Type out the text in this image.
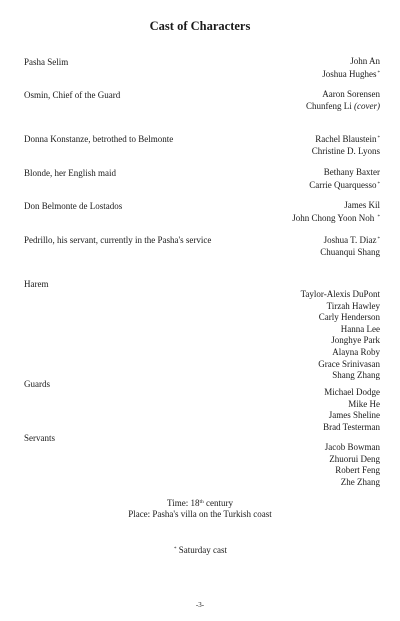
Cast of Characters
Pasha Selim	John An
Joshua Hughes*
Osmin, Chief of the Guard	Aaron Sorensen
Chunfeng Li (cover)
Donna Konstanze, betrothed to Belmonte	Rachel Blaustein*
Christine D. Lyons
Blonde, her English maid	Bethany Baxter
Carrie Quarquesso*
Don Belmonte de Lostados	James Kil
John Chong Yoon Noh *
Pedrillo, his servant, currently in the Pasha's service	Joshua T. Diaz*
Chuanqui Shang
Harem
Taylor-Alexis DuPont
Tirzah Hawley
Carly Henderson
Hanna Lee
Jonghye Park
Alayna Roby
Grace Srinivasan
Shang Zhang
Guards
Michael Dodge
Mike He
James Sheline
Brad Testerman
Servants
Jacob Bowman
Zhuorui Deng
Robert Feng
Zhe Zhang
Time: 18th century
Place: Pasha's villa on the Turkish coast
* Saturday cast
-3-
